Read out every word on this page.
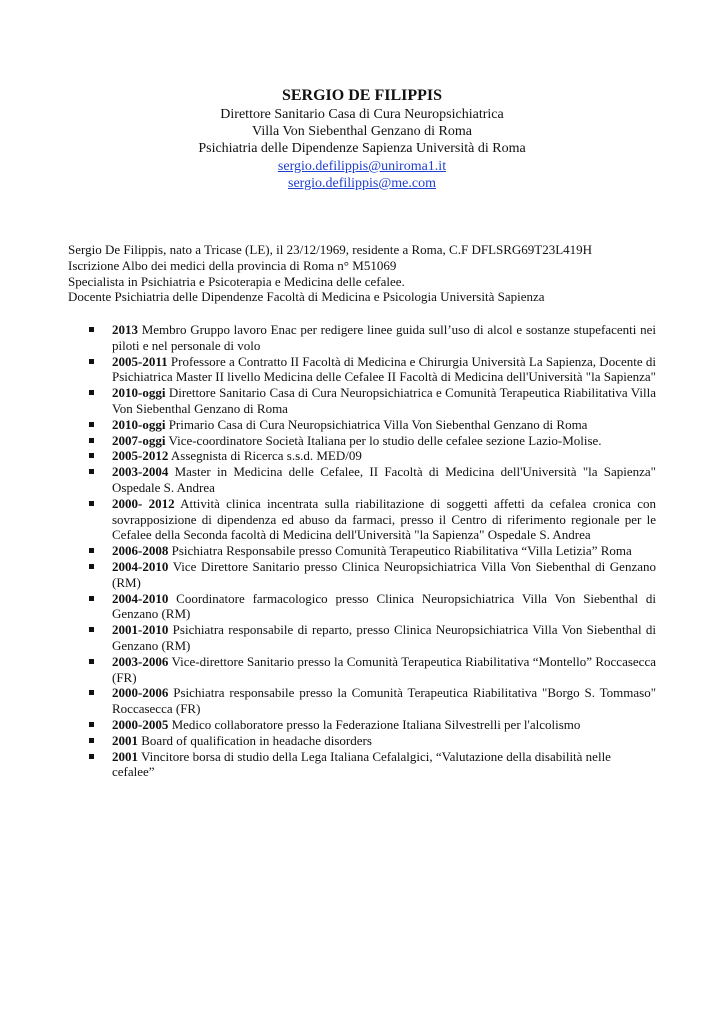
SERGIO DE FILIPPIS
Direttore Sanitario Casa di Cura Neuropsichiatrica
Villa Von Siebenthal Genzano di Roma
Psichiatria delle Dipendenze Sapienza Università di Roma
sergio.defilippis@uniroma1.it
sergio.defilippis@me.com
Sergio De Filippis, nato a Tricase (LE), il 23/12/1969, residente a Roma, C.F DFLSRG69T23L419H
Iscrizione Albo dei medici della provincia di Roma n° M51069
Specialista in Psichiatria e Psicoterapia e Medicina delle cefalee.
Docente Psichiatria delle Dipendenze Facoltà di Medicina e Psicologia Università Sapienza
2013 Membro Gruppo lavoro Enac per redigere linee guida sull’uso di alcol e sostanze stupefacenti nei piloti e nel personale di volo
2005-2011 Professore a Contratto II Facoltà di Medicina e Chirurgia Università La Sapienza, Docente di Psichiatrica Master II livello Medicina delle Cefalee II Facoltà di Medicina dell'Università "la Sapienza"
2010-oggi Direttore Sanitario Casa di Cura Neuropsichiatrica e Comunità Terapeutica Riabilitativa Villa Von Siebenthal Genzano di Roma
2010-oggi Primario Casa di Cura Neuropsichiatrica Villa Von Siebenthal Genzano di Roma
2007-oggi Vice-coordinatore Società Italiana per lo studio delle cefalee sezione Lazio-Molise.
2005-2012 Assegnista di Ricerca s.s.d. MED/09
2003-2004 Master in Medicina delle Cefalee, II Facoltà di Medicina dell'Università "la Sapienza" Ospedale S. Andrea
2000- 2012 Attività clinica incentrata sulla riabilitazione di soggetti affetti da cefalea cronica con sovrapposizione di dipendenza ed abuso da farmaci, presso il Centro di riferimento regionale per le Cefalee della Seconda facoltà di Medicina dell'Università "la Sapienza" Ospedale S. Andrea
2006-2008 Psichiatra Responsabile presso Comunità Terapeutico Riabilitativa “Villa Letizia” Roma
2004-2010 Vice Direttore Sanitario presso Clinica Neuropsichiatrica Villa Von Siebenthal di Genzano (RM)
2004-2010 Coordinatore farmacologico presso Clinica Neuropsichiatrica Villa Von Siebenthal di Genzano (RM)
2001-2010 Psichiatra responsabile di reparto, presso Clinica Neuropsichiatrica Villa Von Siebenthal di Genzano (RM)
2003-2006 Vice-direttore Sanitario presso la Comunità Terapeutica Riabilitativa “Montello” Roccasecca (FR)
2000-2006 Psichiatra responsabile presso la Comunità Terapeutica Riabilitativa "Borgo S. Tommaso" Roccasecca (FR)
2000-2005 Medico collaboratore presso la Federazione Italiana Silvestrelli per l'alcolismo
2001 Board of qualification in headache disorders
2001 Vincitore borsa di studio della Lega Italiana Cefalalgici, “Valutazione della disabilità nelle cefalee”
